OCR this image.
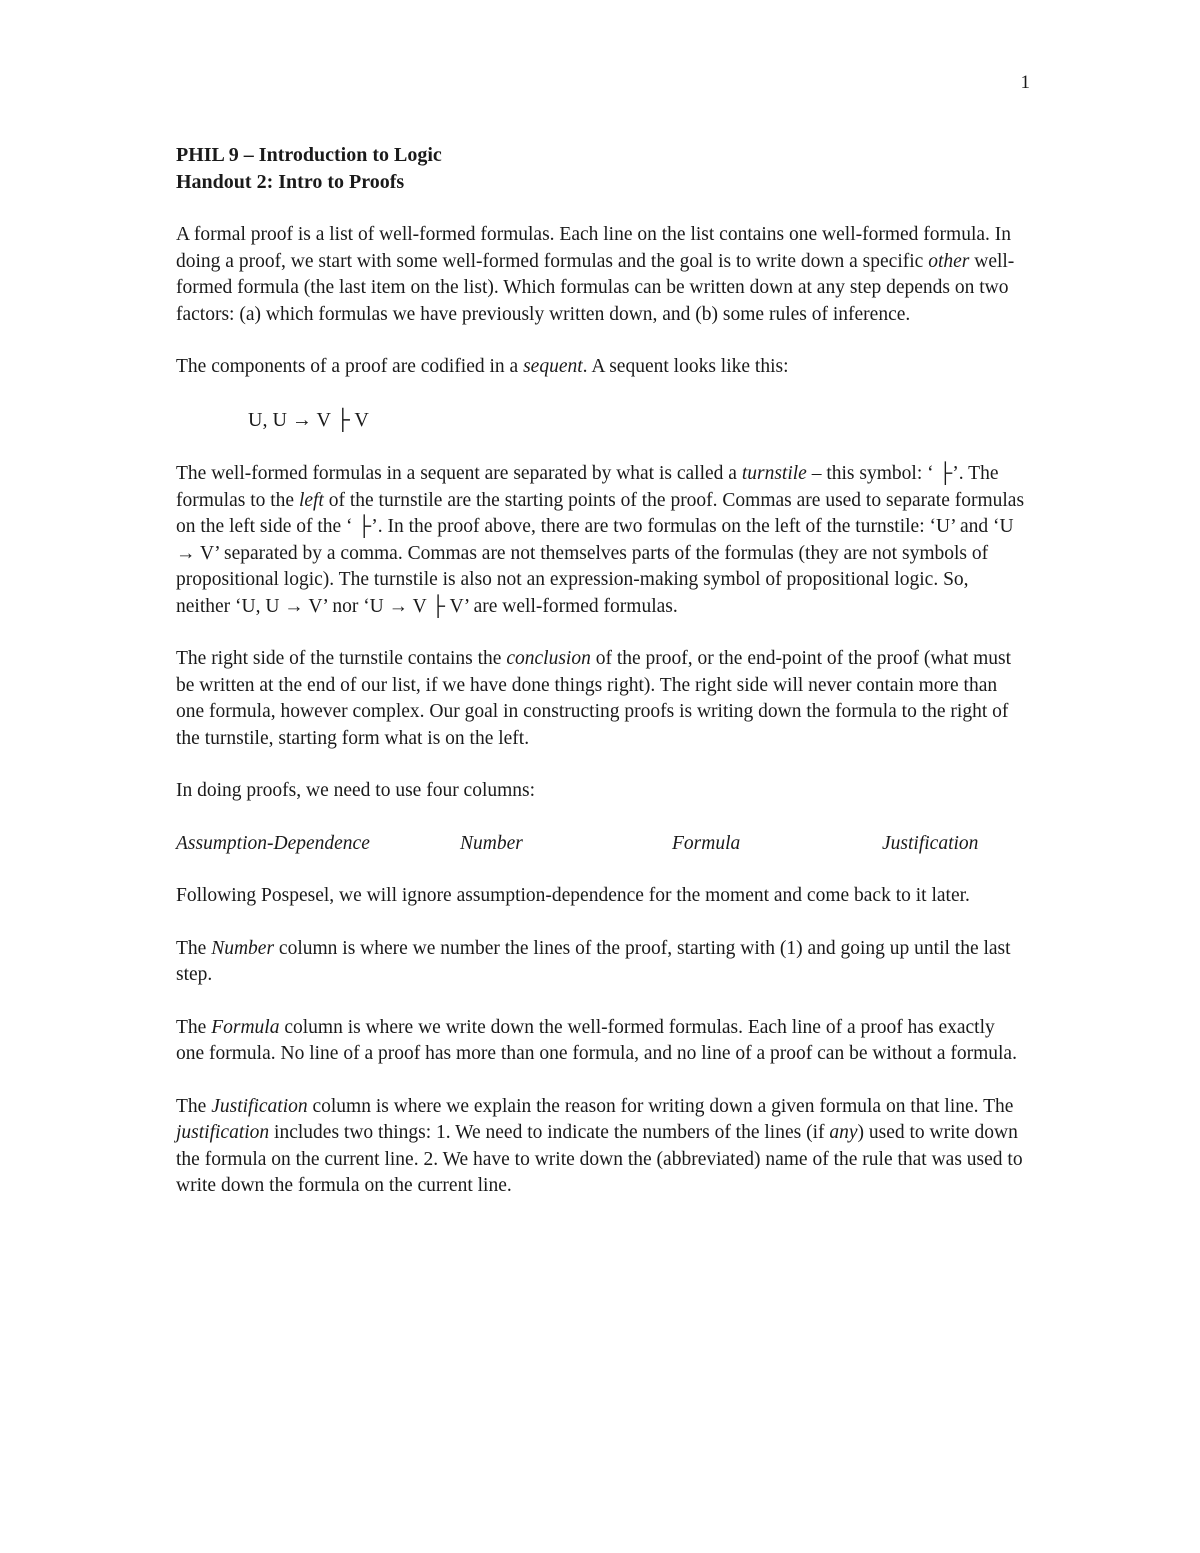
1
PHIL 9 – Introduction to Logic
Handout 2: Intro to Proofs

A formal proof is a list of well-formed formulas. Each line on the list contains one well-formed formula. In doing a proof, we start with some well-formed formulas and the goal is to write down a specific other well-formed formula (the last item on the list). Which formulas can be written down at any step depends on two factors: (a) which formulas we have previously written down, and (b) some rules of inference.

The components of a proof are codified in a sequent. A sequent looks like this:

U, U → V ├ V

The well-formed formulas in a sequent are separated by what is called a turnstile – this symbol: ‘ ├’. The formulas to the left of the turnstile are the starting points of the proof. Commas are used to separate formulas on the left side of the ‘ ├’. In the proof above, there are two formulas on the left of the turnstile: ‘U’ and ‘U → V’ separated by a comma. Commas are not themselves parts of the formulas (they are not symbols of propositional logic). The turnstile is also not an expression-making symbol of propositional logic. So, neither ‘U, U → V’ nor ‘U → V ├ V’ are well-formed formulas.

The right side of the turnstile contains the conclusion of the proof, or the end-point of the proof (what must be written at the end of our list, if we have done things right). The right side will never contain more than one formula, however complex. Our goal in constructing proofs is writing down the formula to the right of the turnstile, starting form what is on the left.

In doing proofs, we need to use four columns:

Assumption-Dependence	Number	Formula	Justification

Following Pospesel, we will ignore assumption-dependence for the moment and come back to it later.

The Number column is where we number the lines of the proof, starting with (1) and going up until the last step.

The Formula column is where we write down the well-formed formulas. Each line of a proof has exactly one formula. No line of a proof has more than one formula, and no line of a proof can be without a formula.

The Justification column is where we explain the reason for writing down a given formula on that line. The justification includes two things: 1. We need to indicate the numbers of the lines (if any) used to write down the formula on the current line. 2. We have to write down the (abbreviated) name of the rule that was used to write down the formula on the current line.
